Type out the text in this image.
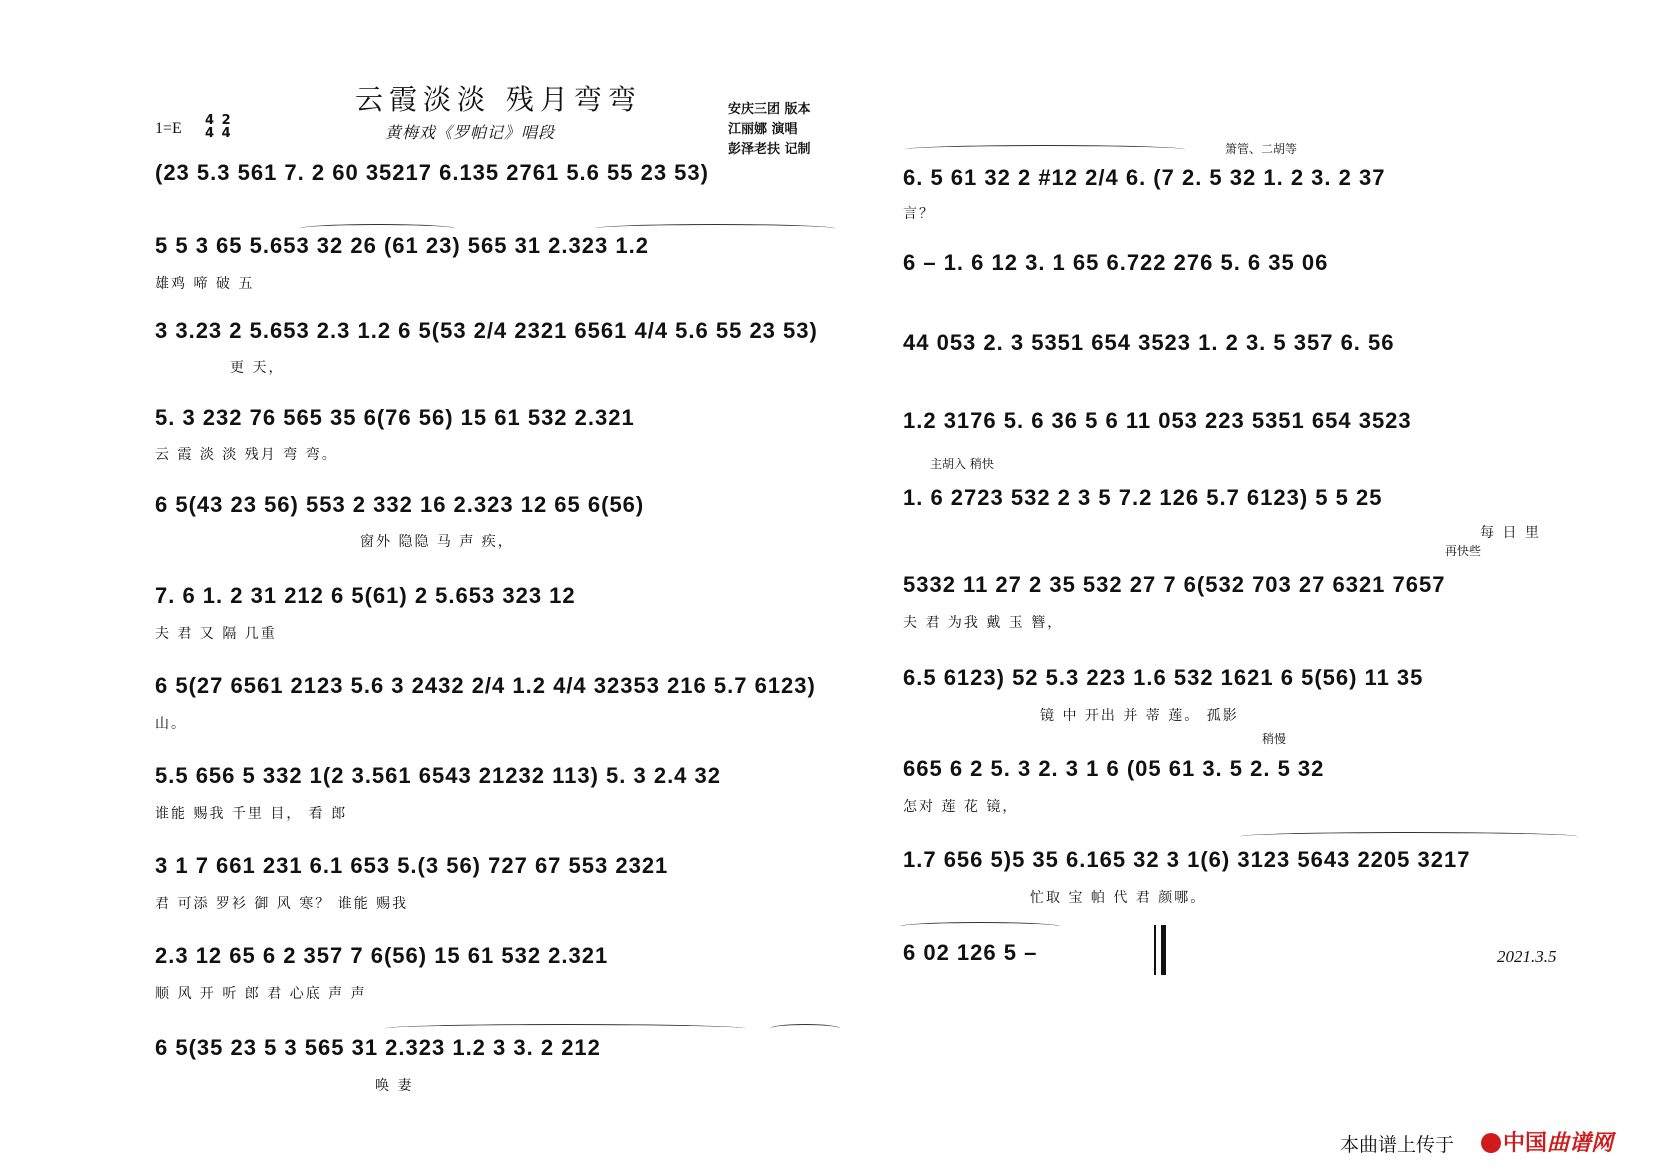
云霞淡淡 残月弯弯
黄梅戏《罗帕记》唱段
安庆三团 版本
江丽娜 演唱
彭泽老扶 记制
1=E 4
4

2
4
(23 5.3 561 7. 2 60 35217 6.135 2761 5.6 55 23 53)
5 5 3 65 5.653 32 26 (61 23) 565 31 2.323 1.2
雄鸡 啼 破 五
3 3.23 2 5.653 2.3 1.2 6 5(53 2/4 2321 6561 4/4 5.6 55 23 53)
更 天，
5. 3 232 76 565 35 6(76 56) 15 61 532 2.321
云 霞 淡 淡 残月 弯 弯。
6 5(43 23 56) 553 2 332 16 2.323 12 65 6(56)
窗外 隐隐 马 声 疾，
7. 6 1. 2 31 212 6 5(61) 2 5.653 323 12
夫 君 又 隔 几重
6 5(27 6561 2123 5.6 3 2432 2/4 1.2 4/4 32353 216 5.7 6123)
山。
5.5 656 5 332 1(2 3.561 6543 21232 113) 5. 3 2.4 32
谁能 赐我 千里 目， 看 郎
3 1 7 661 231 6.1 653 5.(3 56) 727 67 553 2321
君 可添 罗衫 御 风 寒？ 谁能 赐我
2.3 12 65 6 2 357 7 6(56) 15 61 532 2.321
顺 风 开 听 郎 君 心底 声 声
6 5(35 23 5 3 565 31 2.323 1.2 3 3. 2 212
唤 妻
箫管、二胡等
6. 5 61 32 2 #12 2/4 6. (7 2. 5 32 1. 2 3. 2 37
言？
6 – 1. 6 12 3. 1 65 6.722 276 5. 6 35 06
44 053 2. 3 5351 654 3523 1. 2 3. 5 357 6. 56
1.2 3176 5. 6 36 5 6 11 053 223 5351 654 3523
主胡入 稍快
1. 6 2723 532 2 3 5 7.2 126 5.7 6123) 5 5 25
每 日 里
再快些
5332 11 27 2 35 532 27 7 6(532 703 27 6321 7657
夫 君 为我 戴 玉 簪，
6.5 6123) 52 5.3 223 1.6 532 1621 6 5(56) 11 35
镜 中 开出 并 蒂 莲。 孤影
稍慢
665 6 2 5. 3 2. 3 1 6 (05 61 3. 5 2. 5 32
怎对 莲 花 镜，
1.7 656 5)5 35 6.165 32 3 1(6) 3123 5643 2205 3217
忙取 宝 帕 代 君 颜哪。
6 02 126 5 –	2021.3.5
本曲谱上传于	中国曲谱网
